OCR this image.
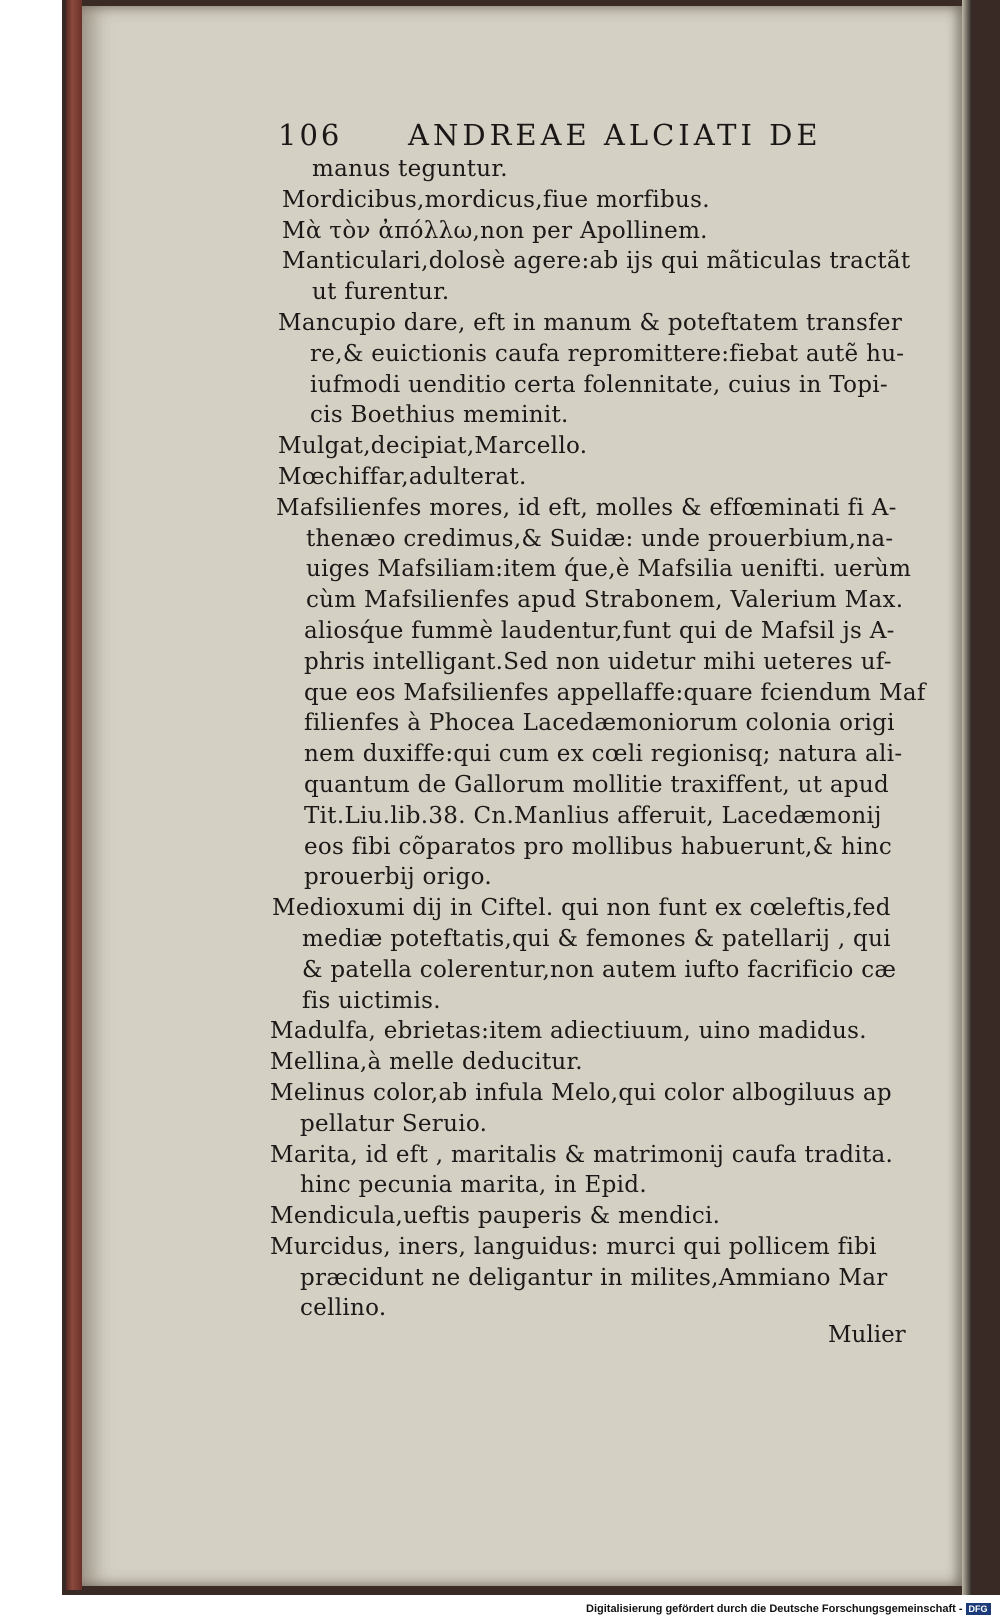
106 ANDREAE ALCIATI DE
manus teguntur.
Mordicibus,mordicus,fiue morfibus.
Μὰ τὸν ἀπόλλω,non per Apollinem.
Manticulari,dolosè agere:ab ijs qui mãticulas tractãt
ut furentur.
Mancupio dare, eft in manum & poteftatem transfer
re,& euictionis caufa repromittere:fiebat autẽ hu-
iufmodi uenditio certa folennitate, cuius in Topi-
cis Boethius meminit.
Mulgat,decipiat,Marcello.
Mœchiffar,adulterat.
Mafsilienfes mores, id eft, molles & effœminati fi A-
thenæo credimus,& Suidæ: unde prouerbium,na-
uiges Mafsiliam:item q́ue,è Mafsilia uenifti. uerùm
cùm Mafsilienfes apud Strabonem, Valerium Max.
aliosq́ue fummè laudentur,funt qui de Mafsil js A-
phris intelligant.Sed non uidetur mihi ueteres uf-
que eos Mafsilienfes appellaffe:quare fciendum Maf
filienfes à Phocea Lacedæmoniorum colonia origi
nem duxiffe:qui cum ex cœli regionisq; natura ali-
quantum de Gallorum mollitie traxiffent, ut apud
Tit.Liu.lib.38. Cn.Manlius afferuit, Lacedæmonij
eos fibi cõparatos pro mollibus habuerunt,& hinc
prouerbij origo.
Medioxumi dij in Ciftel. qui non funt ex cœleftis,fed
mediæ poteftatis,qui & femones & patellarij , qui
& patella colerentur,non autem iufto facrificio cæ
fis uictimis.
Madulfa, ebrietas:item adiectiuum, uino madidus.
Mellina,à melle deducitur.
Melinus color,ab infula Melo,qui color albogiluus ap
pellatur Seruio.
Marita, id eft , maritalis & matrimonij caufa tradita.
hinc pecunia marita, in Epid.
Mendicula,ueftis pauperis & mendici.
Murcidus, iners, languidus: murci qui pollicem fibi
præcidunt ne deligantur in milites,Ammiano Mar
cellino.
Mulier
Digitalisierung gefördert durch die Deutsche Forschungsgemeinschaft - DFG
